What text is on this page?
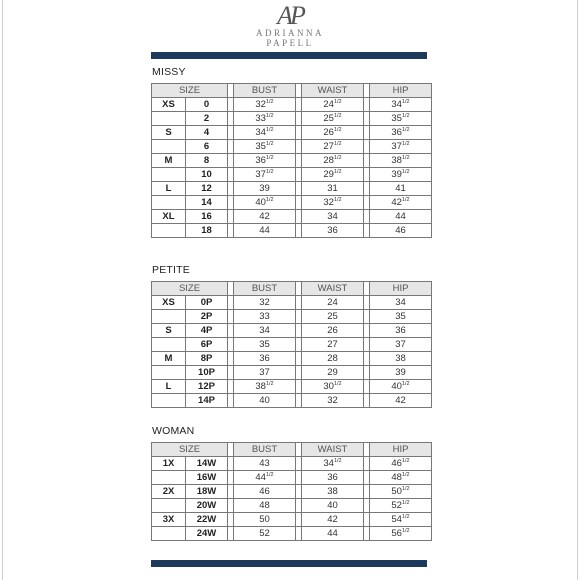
AP
ADRIANNA
PAPELL
MISSY
SIZE			BUST		WAIST		HIP
XS	0		$32^{1/2}$		$24^{1/2}$		$34^{1/2}$
	2		$33^{1/2}$		$25^{1/2}$		$35^{1/2}$
S	4		$34^{1/2}$		$26^{1/2}$		$36^{1/2}$
	6		$35^{1/2}$		$27^{1/2}$		$37^{1/2}$
M	8		$36^{1/2}$		$28^{1/2}$		$38^{1/2}$
	10		$37^{1/2}$		$29^{1/2}$		$39^{1/2}$
L	12		39		31		41
	14		$40^{1/2}$		$32^{1/2}$		$42^{1/2}$
XL	16		42		34		44
	18		44		36		46
PETITE
SIZE			BUST		WAIST		HIP
XS	0P		32		24		34
	2P		33		25		35
S	4P		34		26		36
	6P		35		27		37
M	8P		36		28		38
	10P		37		29		39
L	12P		$38^{1/2}$		$30^{1/2}$		$40^{1/2}$
	14P		40		32		42
WOMAN
SIZE			BUST		WAIST		HIP
1X	14W		43		$34^{1/2}$		$46^{1/2}$
	16W		$44^{1/2}$		36		$48^{1/2}$
2X	18W		46		38		$50^{1/2}$
	20W		48		40		$52^{1/2}$
3X	22W		50		42		$54^{1/2}$
	24W		52		44		$56^{1/2}$
